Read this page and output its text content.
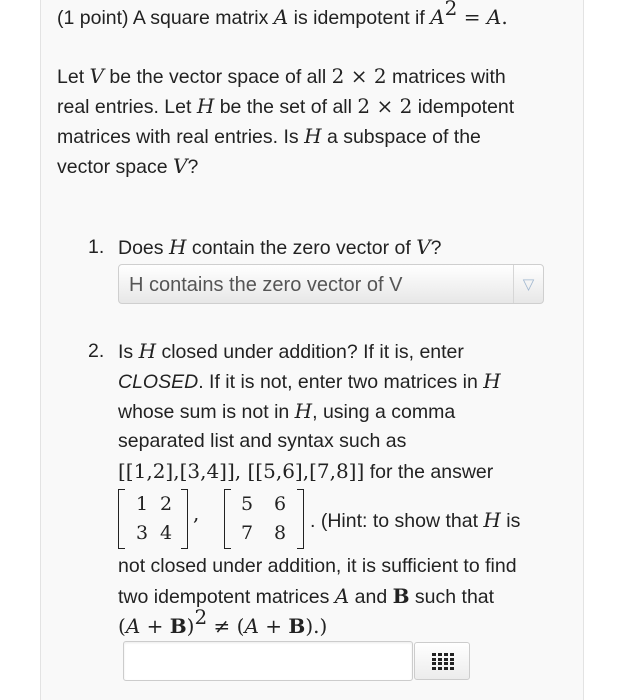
(1 point) A square matrix A is idempotent if $A^2 = A$.
Let V be the vector space of all 2 × 2 matrices with
real entries. Let H be the set of all 2 × 2 idempotent
matrices with real entries. Is H a subspace of the
vector space V?
1. Does H contain the zero vector of V?
H contains the zero vector of V	▽
2. Is H closed under addition? If it is, enter
CLOSED. If it is not, enter two matrices in H
whose sum is not in H, using a comma
separated list and syntax such as
[[1,2],[3,4]], [[5,6],[7,8]] for the answer
1 2
3 4
, 5 6
7 8
. (Hint: to show that H is
not closed under addition, it is sufficient to find
two idempotent matrices A and B such that
$(A + B)^2 \ne (A + B)$.)
